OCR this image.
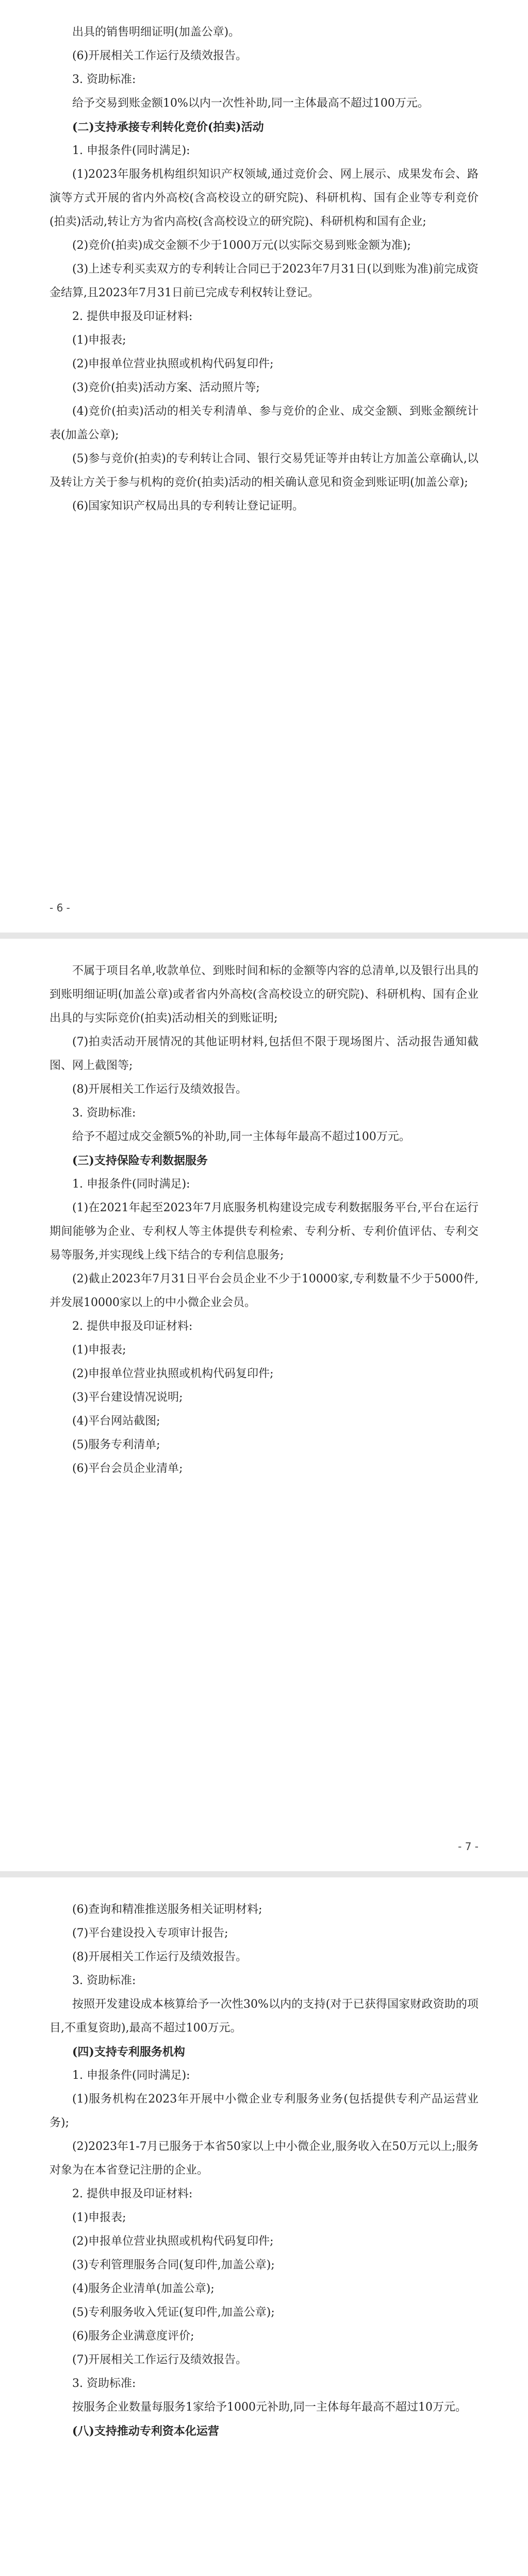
出具的销售明细证明(加盖公章)。

(6)开展相关工作运行及绩效报告。

3. 资助标准:

给予交易到账金额10%以内一次性补助,同一主体最高不超过100万元。

(二)支持承接专利转化竞价(拍卖)活动

1. 申报条件(同时满足):

(1)2023年服务机构组织知识产权领域,通过竞价会、网上展示、成果发布会、路演等方式开展的省内外高校(含高校设立的研究院)、科研机构、国有企业等专利竞价(拍卖)活动,转让方为省内高校(含高校设立的研究院)、科研机构和国有企业;

(2)竞价(拍卖)成交金额不少于1000万元(以实际交易到账金额为准);

(3)上述专利买卖双方的专利转让合同已于2023年7月31日(以到账为准)前完成资金结算,且2023年7月31日前已完成专利权转让登记。

2. 提供申报及印证材料:

(1)申报表;

(2)申报单位营业执照或机构代码复印件;

(3)竞价(拍卖)活动方案、活动照片等;

(4)竞价(拍卖)活动的相关专利清单、参与竞价的企业、成交金额、到账金额统计表(加盖公章);

(5)参与竞价(拍卖)的专利转让合同、银行交易凭证等并由转让方加盖公章确认,以及转让方关于参与机构的竞价(拍卖)活动的相关确认意见和资金到账证明(加盖公章);

(6)国家知识产权局出具的专利转让登记证明。

- 6 -

不属于项目名单,收款单位、到账时间和标的金额等内容的总清单,以及银行出具的到账明细证明(加盖公章)或者省内外高校(含高校设立的研究院)、科研机构、国有企业出具的与实际竞价(拍卖)活动相关的到账证明;

(7)拍卖活动开展情况的其他证明材料,包括但不限于现场图片、活动报告通知截图、网上截图等;

(8)开展相关工作运行及绩效报告。

3. 资助标准:

给予不超过成交金额5%的补助,同一主体每年最高不超过100万元。

(三)支持保险专利数据服务

1. 申报条件(同时满足):

(1)在2021年起至2023年7月底服务机构建设完成专利数据服务平台,平台在运行期间能够为企业、专利权人等主体提供专利检索、专利分析、专利价值评估、专利交易等服务,并实现线上线下结合的专利信息服务;

(2)截止2023年7月31日平台会员企业不少于10000家,专利数量不少于5000件,并发展10000家以上的中小微企业会员。

2. 提供申报及印证材料:

(1)申报表;

(2)申报单位营业执照或机构代码复印件;

(3)平台建设情况说明;

(4)平台网站截图;

(5)服务专利清单;

(6)平台会员企业清单;

- 7 -

(6)查询和精准推送服务相关证明材料;

(7)平台建设投入专项审计报告;

(8)开展相关工作运行及绩效报告。

3. 资助标准:

按照开发建设成本核算给予一次性30%以内的支持(对于已获得国家财政资助的项目,不重复资助),最高不超过100万元。

(四)支持专利服务机构

1. 申报条件(同时满足):

(1)服务机构在2023年开展中小微企业专利服务业务(包括提供专利产品运营业务);

(2)2023年1-7月已服务于本省50家以上中小微企业,服务收入在50万元以上;服务对象为在本省登记注册的企业。

2. 提供申报及印证材料:

(1)申报表;

(2)申报单位营业执照或机构代码复印件;

(3)专利管理服务合同(复印件,加盖公章);

(4)服务企业清单(加盖公章);

(5)专利服务收入凭证(复印件,加盖公章);

(6)服务企业满意度评价;

(7)开展相关工作运行及绩效报告。

3. 资助标准:

按服务企业数量每服务1家给予1000元补助,同一主体每年最高不超过10万元。

(八)支持推动专利资本化运营
